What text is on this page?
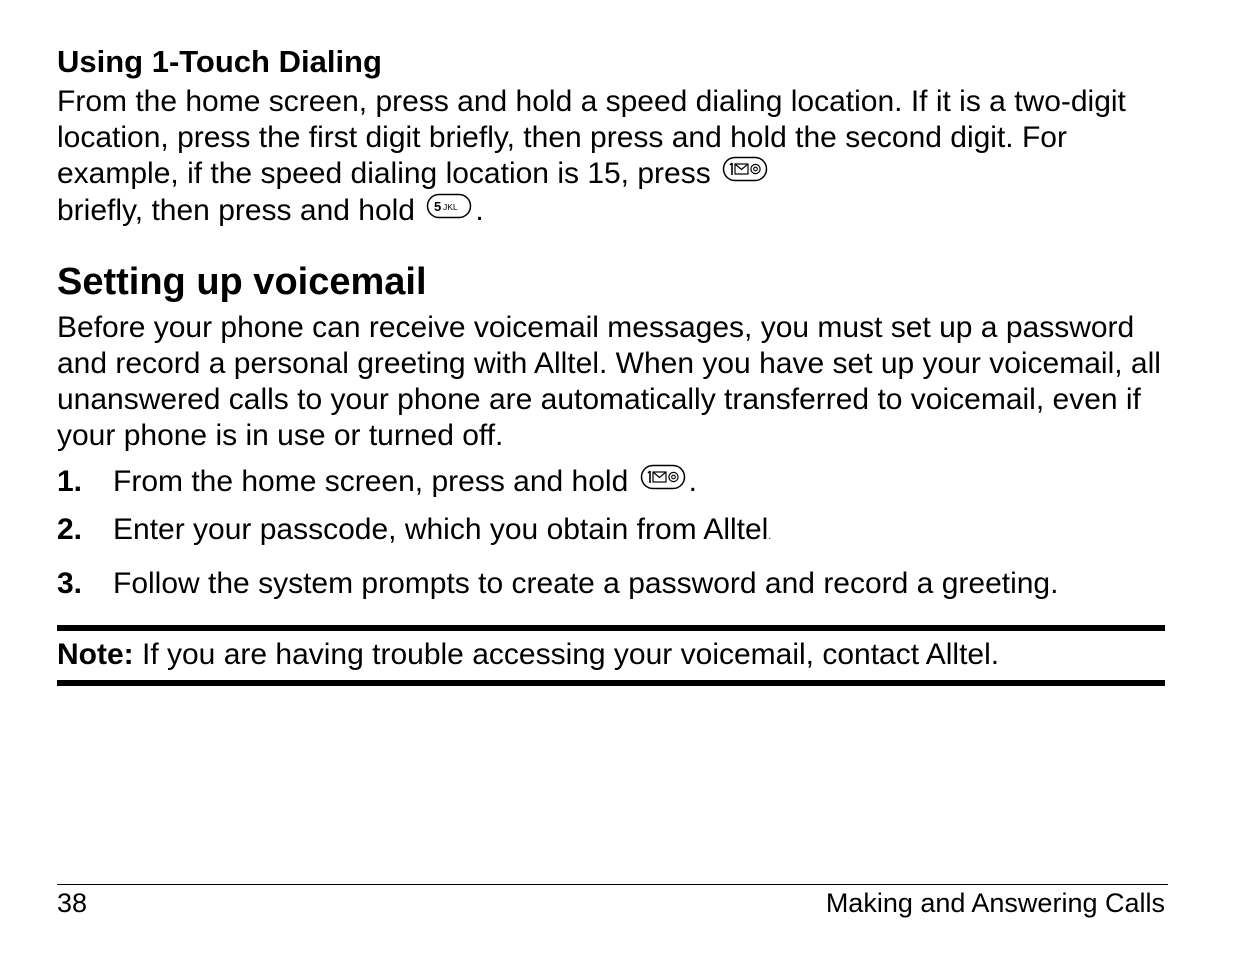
Using 1-Touch Dialing

From the home screen, press and hold a speed dialing location. If it is a two-digit location, press the first digit briefly, then press and hold the second digit. For example, if the speed dialing location is 15, press
briefly, then press and hold 5 JKL .

Setting up voicemail

Before your phone can receive voicemail messages, you must set up a password and record a personal greeting with Alltel. When you have set up your voicemail, all unanswered calls to your phone are automatically transferred to voicemail, even if your phone is in use or turned off.

1.	From the home screen, press and hold .
2.	Enter your passcode, which you obtain from Alltel.
3.	Follow the system prompts to create a password and record a greeting.
Note: If you are having trouble accessing your voicemail, contact Alltel.
38	Making and Answering Calls
